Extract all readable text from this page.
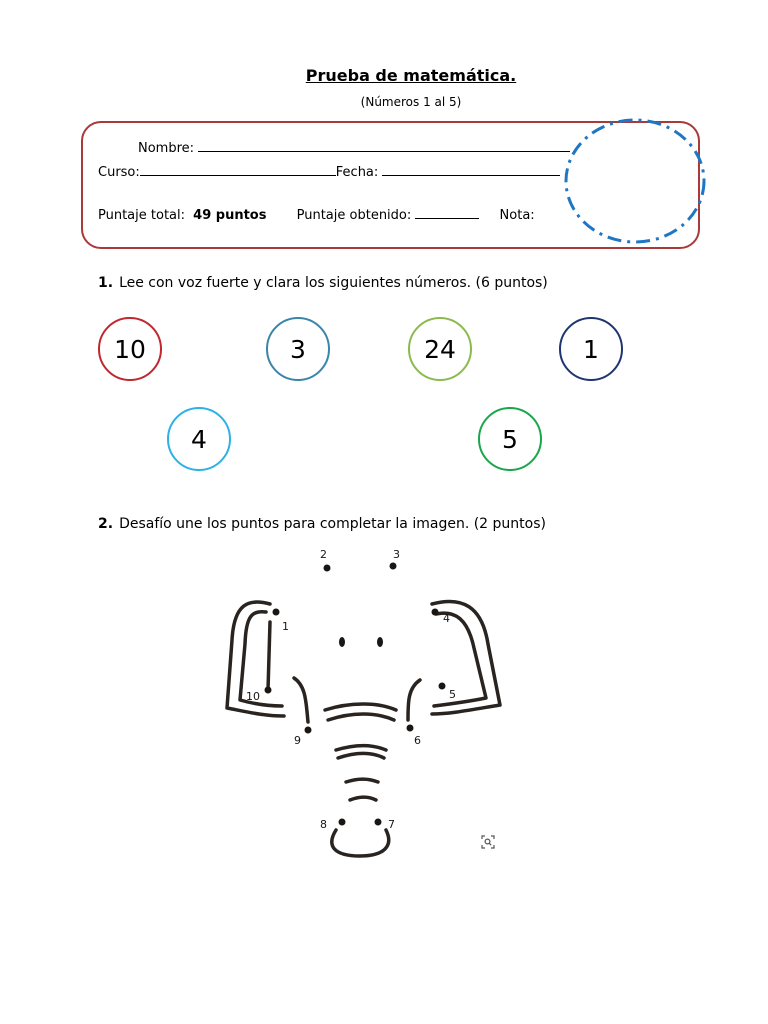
Prueba de matemática.
(Números 1 al 5)
Nombre:
Curso:	Fecha:
Puntaje total: 49 puntos Puntaje obtenido:	Nota:
1. Lee con voz fuerte y clara los siguientes números. (6 puntos)
10	3	24	1
4	5
2. Desafío une los puntos para completar la imagen. (2 puntos)
1
2	3
4
5
6
7
8
9
10
